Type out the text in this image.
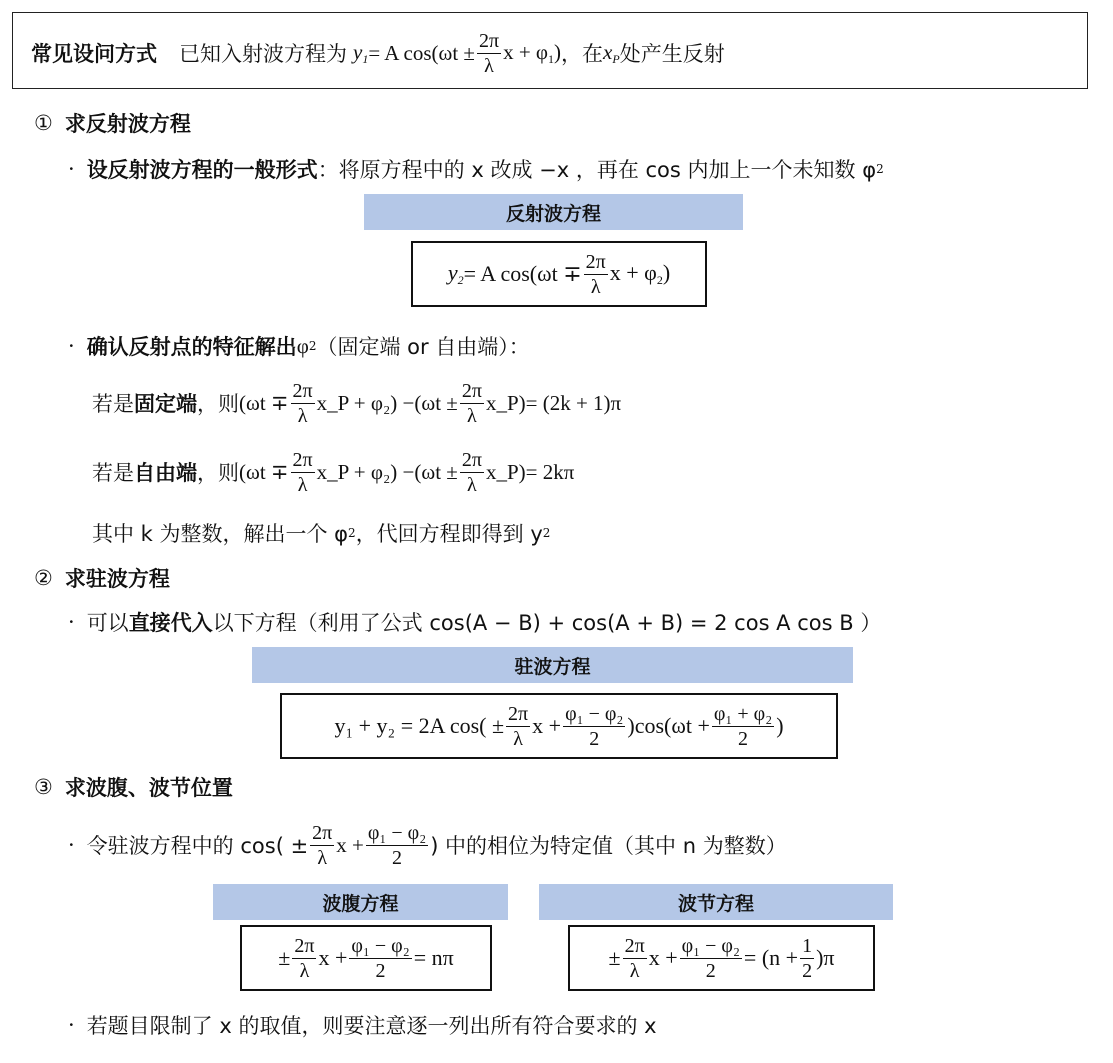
常见设问方式 已知入射波方程为 $y_1 = A$ $\cos(\omega t \pm \frac{2\pi}{\lambda}$ $x + \varphi_1$) ，在 $x_P$ 处产生反射
① 求反射波方程
· 设反射波方程的一般形式 ：将原方程中的 x 改成 −x ，再在 cos 内加上一个未知数 φ 2
反射波方程
$y_2 = A$ $\cos(\omega t \mp \frac{2\pi}{\lambda}$ $x + \varphi_2$)
· 确认反射点的特征解出 φ 2 （固定端 or 自由端）：
若是 固定端 ，则 ($\omega t \mp \frac{2\pi}{\lambda}$ x_P + $\varphi_2) - (\omega t \pm \frac{2\pi}{\lambda}$ x_P) = (2k + 1)π
若是 自由端 ，则 ($\omega t \mp \frac{2\pi}{\lambda}$ x_P + $\varphi_2) - (\omega t \pm \frac{2\pi}{\lambda}$ x_P) = 2kπ
其中 k 为整数，解出一个 φ 2 ，代回方程即得到 y 2
② 求驻波方程
· 可以 直接代入 以下方程（利用了公式 cos(A − B) + cos(A + B) = 2 cos A cos B ）
驻波方程
y₁ + y₂ = 2A $\cos( \pm \frac{2\pi}{\lambda}$ $x + \frac{\text{φ₁ − φ₂}}{2} )\cos(\omega t + \frac{\text{φ₁ + φ₂}}{2}$ )
③ 求波腹、波节位置
· 令驻波方程中的 $\cos( \pm \frac{2\pi}{\lambda}$ $x + \frac{\text{φ₁ − φ₂}}{2}$ ) 中的相位为特定值（其中 n 为整数）
波腹方程	波节方程
± $\frac{2\pi}{\lambda}$ $x + \frac{\text{φ₁ − φ₂}}{2} = n\pi$	± $\frac{2\pi}{\lambda}$ $x + \frac{\text{φ₁ − φ₂}}{2} = (n + \frac{1}{2} )\pi$
· 若题目限制了 x 的取值，则要注意逐一列出所有符合要求的 x
